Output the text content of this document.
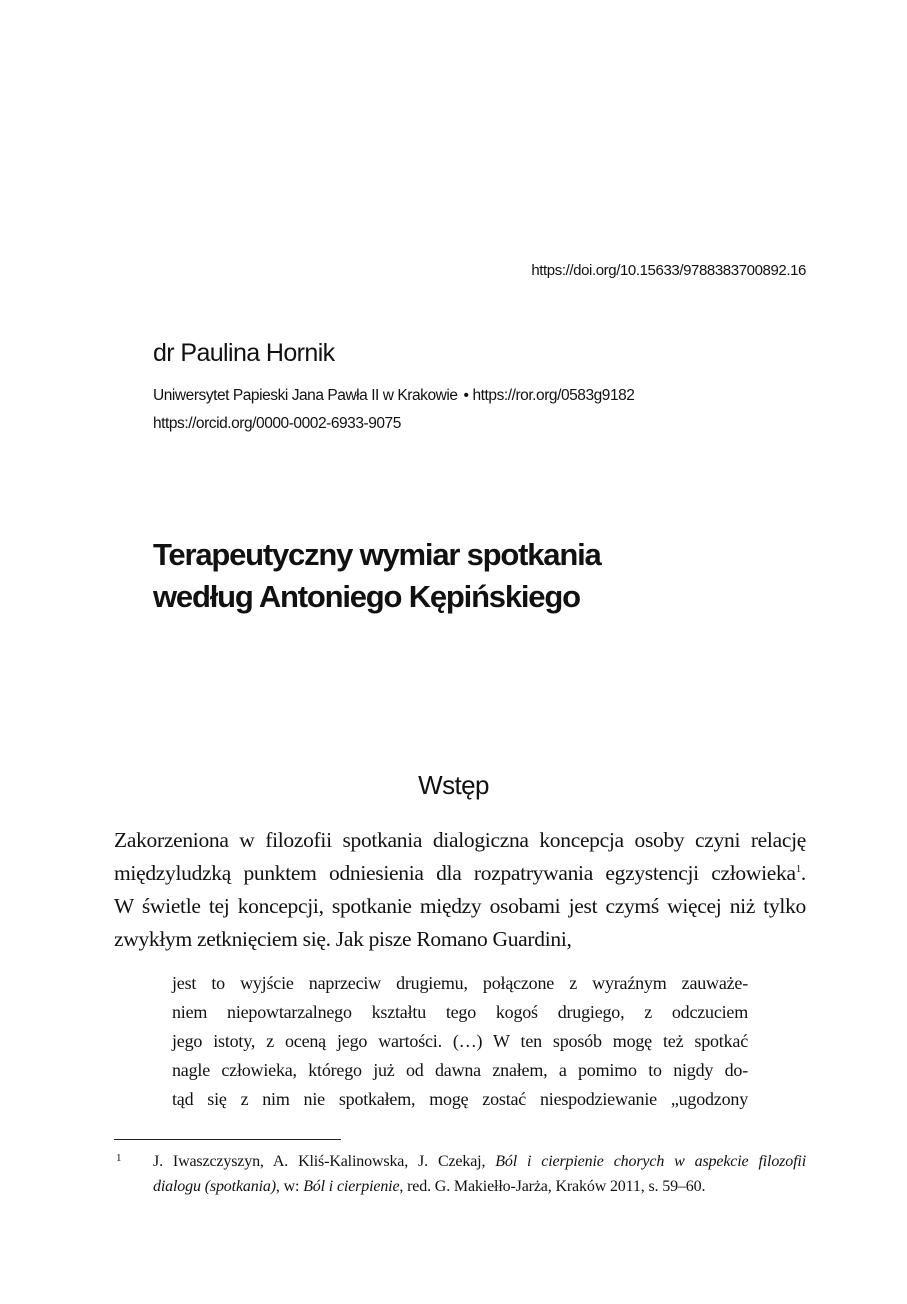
https://doi.org/10.15633/9788383700892.16
dr Paulina Hornik
Uniwersytet Papieski Jana Pawła II w Krakowie • https://ror.org/0583g9182
https://orcid.org/0000-0002-6933-9075
Terapeutyczny wymiar spotkania
według Antoniego Kępińskiego
Wstęp
Zakorzeniona w filozofii spotkania dialogiczna koncepcja osoby czyni relację
międzyludzką punktem odniesienia dla rozpatrywania egzystencji człowieka$^1$.
W świetle tej koncepcji, spotkanie między osobami jest czymś więcej niż tylko
zwykłym zetknięciem się. Jak pisze Romano Guardini,
jest to wyjście naprzeciw drugiemu, połączone z wyraźnym zauważe-
niem niepowtarzalnego kształtu tego kogoś drugiego, z odczuciem
jego istoty, z oceną jego wartości. (…) W ten sposób mogę też spotkać
nagle człowieka, którego już od dawna znałem, a pomimo to nigdy do-
tąd się z nim nie spotkałem, mogę zostać niespodziewanie „ugodzony
1 J. Iwaszczyszyn, A. Kliś-Kalinowska, J. Czekaj, Ból i cierpienie chorych w aspekcie filozofii
dialogu (spotkania), w: Ból i cierpienie, red. G. Makiełło-Jarża, Kraków 2011, s. 59–60.
